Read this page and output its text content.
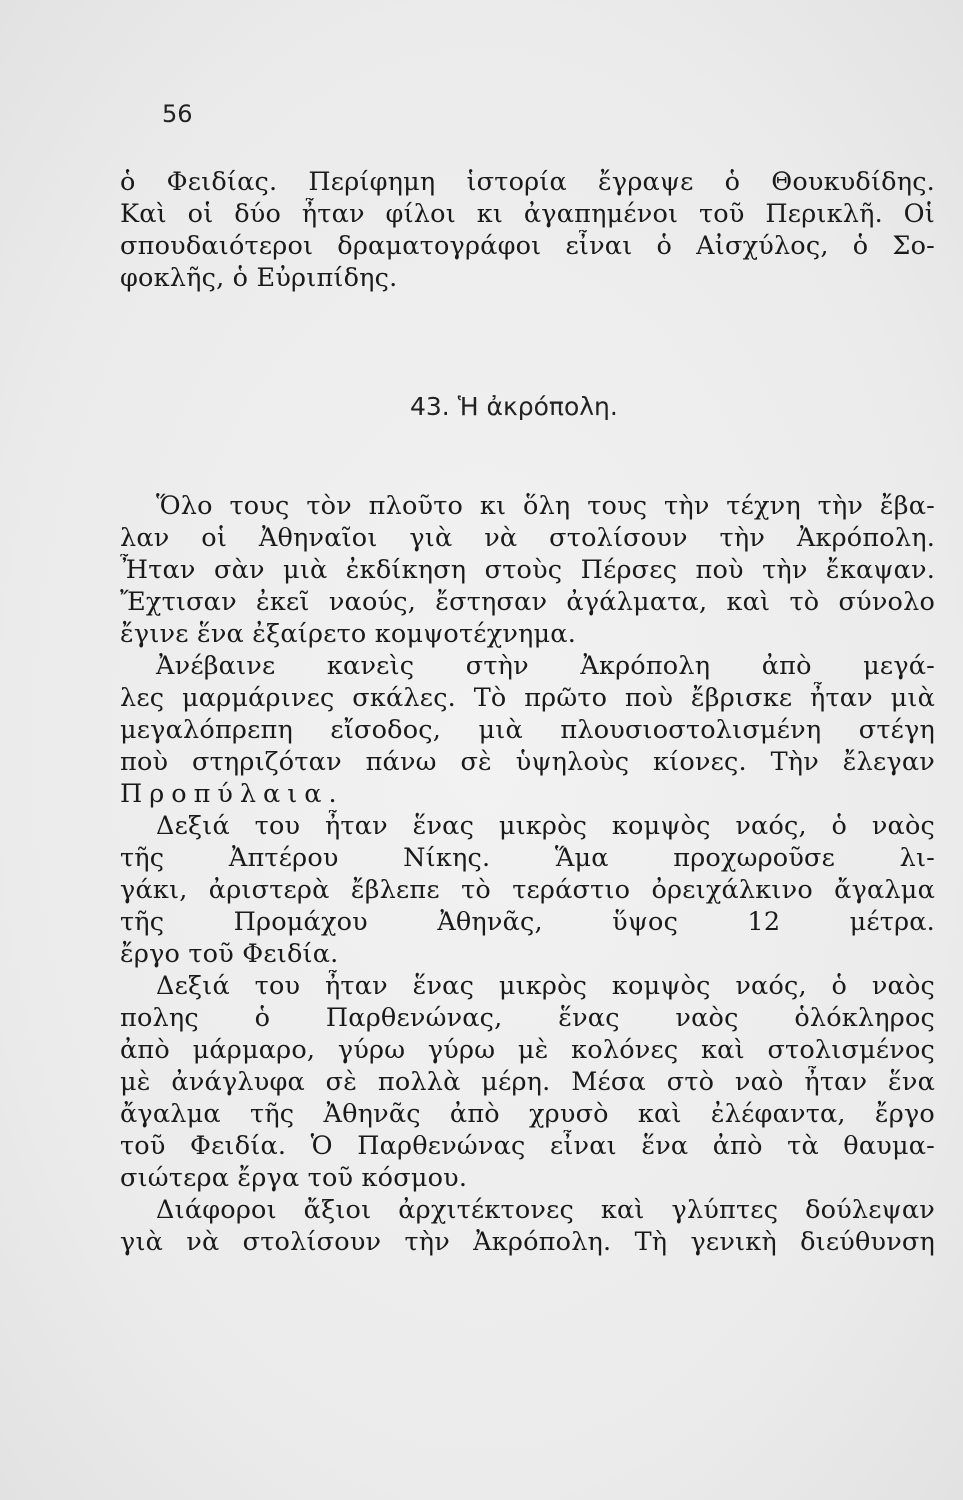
56
ὁ Φειδίας. Περίφημη ἱστορία ἔγραψε ὁ Θουκυδίδης.
Καὶ οἱ δύο ἦταν φίλοι κι ἀγαπημένοι τοῦ Περικλῆ. Οἱ
σπουδαιότεροι δραματογράφοι εἶναι ὁ Αἰσχύλος, ὁ Σο-
φοκλῆς, ὁ Εὐριπίδης.
43. Ἡ ἀκρόπολη.
Ὅλο τους τὸν πλοῦτο κι ὅλη τους τὴν τέχνη τὴν ἔβα-
λαν οἱ Ἀθηναῖοι γιὰ νὰ στολίσουν τὴν Ἀκρόπολη.
Ἦταν σὰν μιὰ ἐκδίκηση στοὺς Πέρσες ποὺ τὴν ἔκαψαν.
Ἔχτισαν ἐκεῖ ναούς, ἔστησαν ἀγάλματα, καὶ τὸ σύνολο
ἔγινε ἕνα ἐξαίρετο κομψοτέχνημα.
Ἀνέβαινε κανεὶς στὴν Ἀκρόπολη ἀπὸ μεγά-
λες μαρμάρινες σκάλες. Τὸ πρῶτο ποὺ ἔβρισκε ἦταν μιὰ
μεγαλόπρεπη εἴσοδος, μιὰ πλουσιοστολισμένη στέγη
ποὺ στηριζόταν πάνω σὲ ὑψηλοὺς κίονες. Τὴν ἔλεγαν
Προπύλαια.
Δεξιά του ἦταν ἕνας μικρὸς κομψὸς ναός, ὁ ναὸς
τῆς Ἀπτέρου Νίκης. Ἅμα προχωροῦσε λι-
γάκι, ἀριστερὰ ἔβλεπε τὸ τεράστιο ὀρειχάλκινο ἄγαλμα
τῆς Προμάχου Ἀθηνᾶς, ὕψος 12 μέτρα.
ἔργο τοῦ Φειδία.
Δεξιά του ἦταν ἕνας μικρὸς κομψὸς ναός, ὁ ναὸς
πολης ὁ Παρθενώνας, ἕνας ναὸς ὁλόκληρος
ἀπὸ μάρμαρο, γύρω γύρω μὲ κολόνες καὶ στολισμένος
μὲ ἀνάγλυφα σὲ πολλὰ μέρη. Μέσα στὸ ναὸ ἦταν ἕνα
ἄγαλμα τῆς Ἀθηνᾶς ἀπὸ χρυσὸ καὶ ἐλέφαντα, ἔργο
τοῦ Φειδία. Ὁ Παρθενώνας εἶναι ἕνα ἀπὸ τὰ θαυμα-
σιώτερα ἔργα τοῦ κόσμου.
Διάφοροι ἄξιοι ἀρχιτέκτονες καὶ γλύπτες δούλεψαν
γιὰ νὰ στολίσουν τὴν Ἀκρόπολη. Τὴ γενικὴ διεύθυνση
